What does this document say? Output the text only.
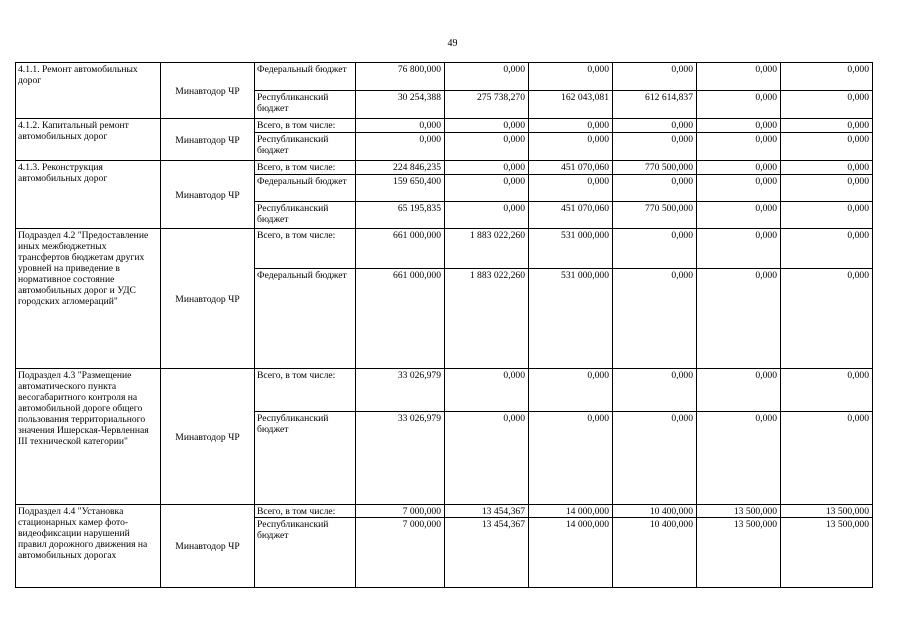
49
4.1.1. Ремонт автомобильных дорог	Минавтодор ЧР	Федеральный бюджет	76 800,000	0,000	0,000	0,000	0,000	0,000
		Республиканский бюджет	30 254,388	275 738,270	162 043,081	612 614,837	0,000	0,000
4.1.2. Капитальный ремонт автомобильных дорог	Минавтодор ЧР	Всего, в том числе:	0,000	0,000	0,000	0,000	0,000	0,000
		Республиканский бюджет	0,000	0,000	0,000	0,000	0,000	0,000
4.1.3. Реконструкция автомобильных дорог	Минавтодор ЧР	Всего, в том числе:	224 846,235	0,000	451 070,060	770 500,000	0,000	0,000
		Федеральный бюджет	159 650,400	0,000	0,000	0,000	0,000	0,000
		Республиканский бюджет	65 195,835	0,000	451 070,060	770 500,000	0,000	0,000
Подраздел 4.2 "Предоставление иных межбюджетных трансфертов бюджетам других уровней на приведение в нормативное состояние автомобильных дорог и УДС городских агломераций"	Минавтодор ЧР	Всего, в том числе:	661 000,000	1 883 022,260	531 000,000	0,000	0,000	0,000
		Федеральный бюджет	661 000,000	1 883 022,260	531 000,000	0,000	0,000	0,000
Подраздел 4.3 "Размещение автоматического пункта весогабаритного контроля на автомобильной дороге общего пользования территориального значения Ишерская-Червленная III технической категории"	Минавтодор ЧР	Всего, в том числе:	33 026,979	0,000	0,000	0,000	0,000	0,000
		Республиканский бюджет	33 026,979	0,000	0,000	0,000	0,000	0,000
Подраздел 4.4 "Установка стационарных камер фото-видеофиксации нарушений правил дорожного движения на автомобильных дорогах	Минавтодор ЧР	Всего, в том числе:	7 000,000	13 454,367	14 000,000	10 400,000	13 500,000	13 500,000
		Республиканский бюджет	7 000,000	13 454,367	14 000,000	10 400,000	13 500,000	13 500,000
